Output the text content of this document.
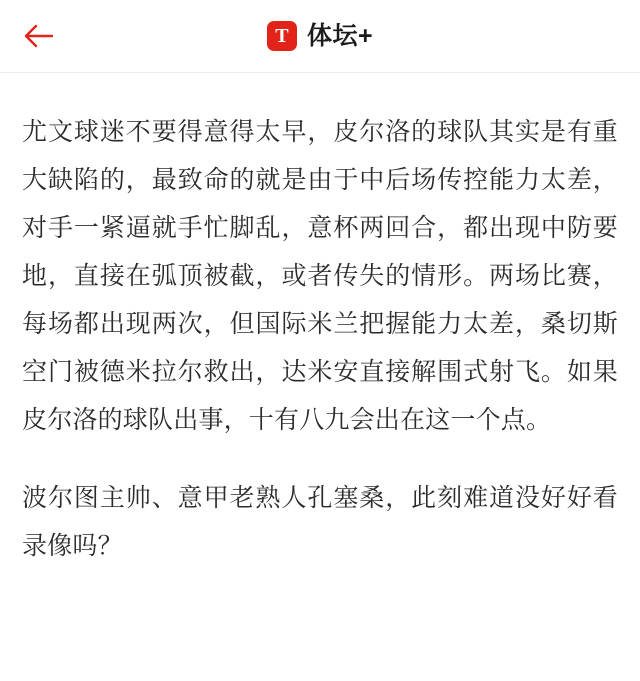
T 体坛+

尤文球迷不要得意得太早，皮尔洛的球队其实是有重大缺陷的，最致命的就是由于中后场传控能力太差，对手一紧逼就手忙脚乱，意杯两回合，都出现中防要地，直接在弧顶被截，或者传失的情形。两场比赛，每场都出现两次，但国际米兰把握能力太差，桑切斯空门被德米拉尔救出，达米安直接解围式射飞。如果皮尔洛的球队出事，十有八九会出在这一个点。

波尔图主帅、意甲老熟人孔塞桑，此刻难道没好好看录像吗？
